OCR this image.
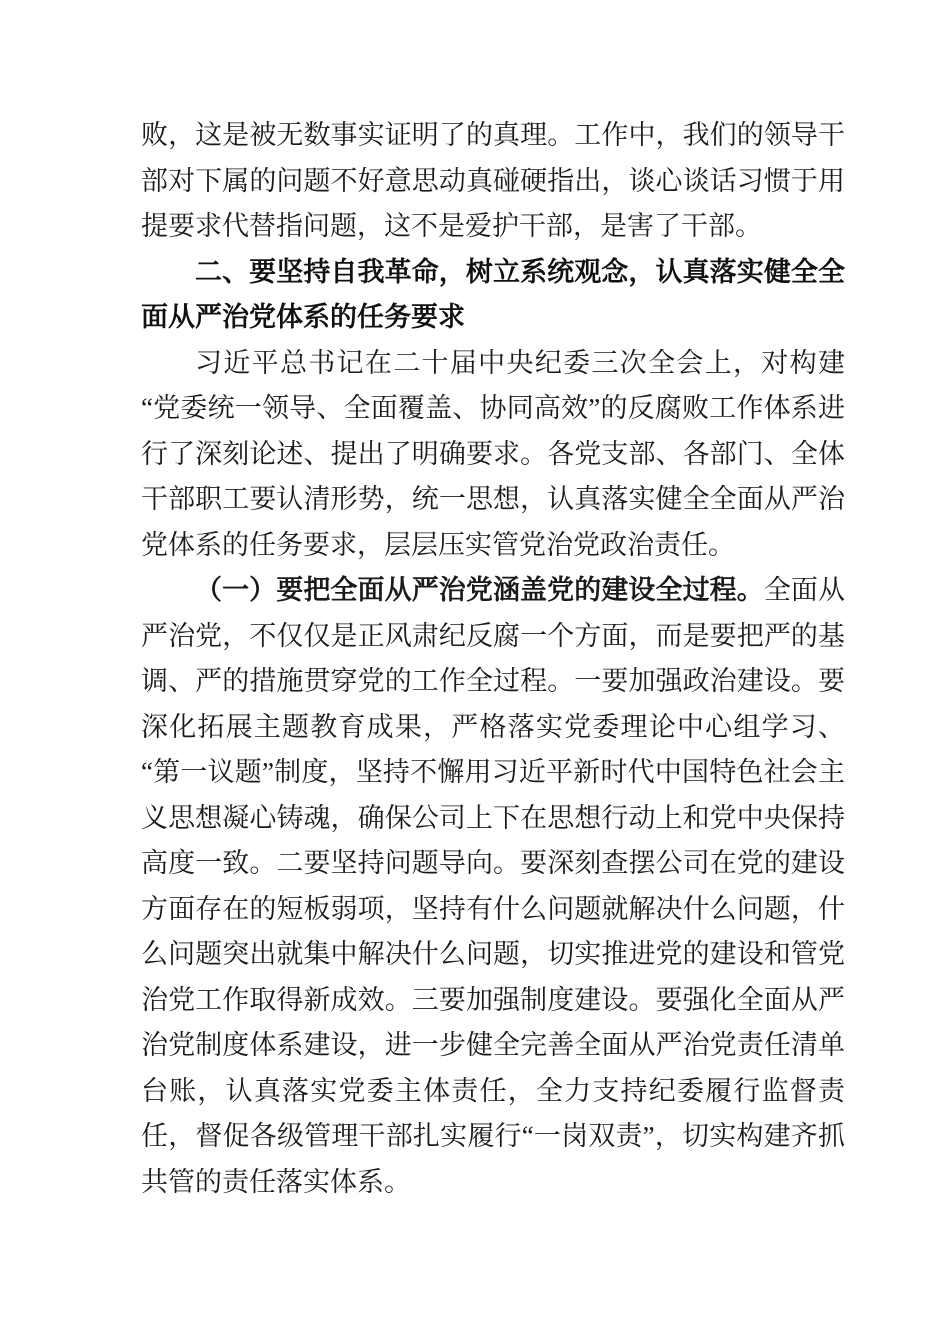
败，这是被无数事实证明了的真理。工作中，我们的领导干部对下属的问题不好意思动真碰硬指出，谈心谈话习惯于用提要求代替指问题，这不是爱护干部，是害了干部。

二、要坚持自我革命，树立系统观念，认真落实健全全面从严治党体系的任务要求

习近平总书记在二十届中央纪委三次全会上，对构建“党委统一领导、全面覆盖、协同高效”的反腐败工作体系进行了深刻论述、提出了明确要求。各党支部、各部门、全体干部职工要认清形势，统一思想，认真落实健全全面从严治党体系的任务要求，层层压实管党治党政治责任。

（一）要把全面从严治党涵盖党的建设全过程。全面从严治党，不仅仅是正风肃纪反腐一个方面，而是要把严的基调、严的措施贯穿党的工作全过程。一要加强政治建设。要深化拓展主题教育成果，严格落实党委理论中心组学习、“第一议题”制度，坚持不懈用习近平新时代中国特色社会主义思想凝心铸魂，确保公司上下在思想行动上和党中央保持高度一致。二要坚持问题导向。要深刻查摆公司在党的建设方面存在的短板弱项，坚持有什么问题就解决什么问题，什么问题突出就集中解决什么问题，切实推进党的建设和管党治党工作取得新成效。三要加强制度建设。要强化全面从严治党制度体系建设，进一步健全完善全面从严治党责任清单台账，认真落实党委主体责任，全力支持纪委履行监督责任，督促各级管理干部扎实履行“一岗双责”，切实构建齐抓共管的责任落实体系。
